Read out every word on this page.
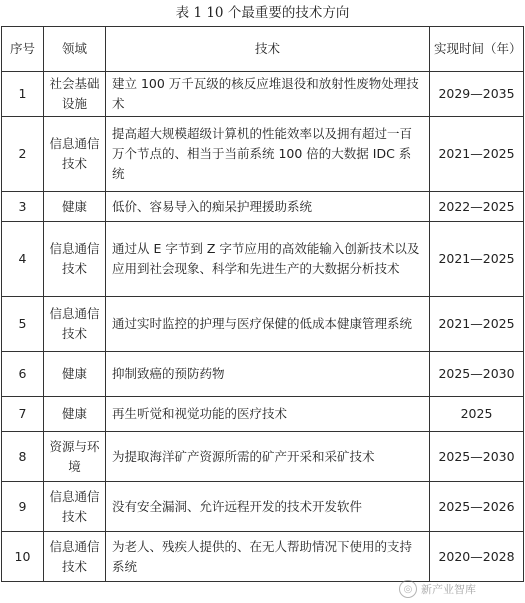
表 1 10 个最重要的技术方向
序号	领域	技术	实现时间（年）
1	社会基础设施	建立 100 万千瓦级的核反应堆退役和放射性废物处理技术	2029—2035
2	信息通信技术	提高超大规模超级计算机的性能效率以及拥有超过一百万个节点的、相当于当前系统 100 倍的大数据 IDC 系统	2021—2025
3	健康	低价、容易导入的痴呆护理援助系统	2022—2025
4	信息通信技术	通过从 E 字节到 Z 字节应用的高效能输入创新技术以及应用到社会现象、科学和先进生产的大数据分析技术	2021—2025
5	信息通信技术	通过实时监控的护理与医疗保健的低成本健康管理系统	2021—2025
6	健康	抑制致癌的预防药物	2025—2030
7	健康	再生听觉和视觉功能的医疗技术	2025
8	资源与环境	为提取海洋矿产资源所需的矿产开采和采矿技术	2025—2030
9	信息通信技术	没有安全漏洞、允许远程开发的技术开发软件	2025—2026
10	信息通信技术	为老人、残疾人提供的、在无人帮助情况下使用的支持系统	2020—2028
◎ 新产业智库
